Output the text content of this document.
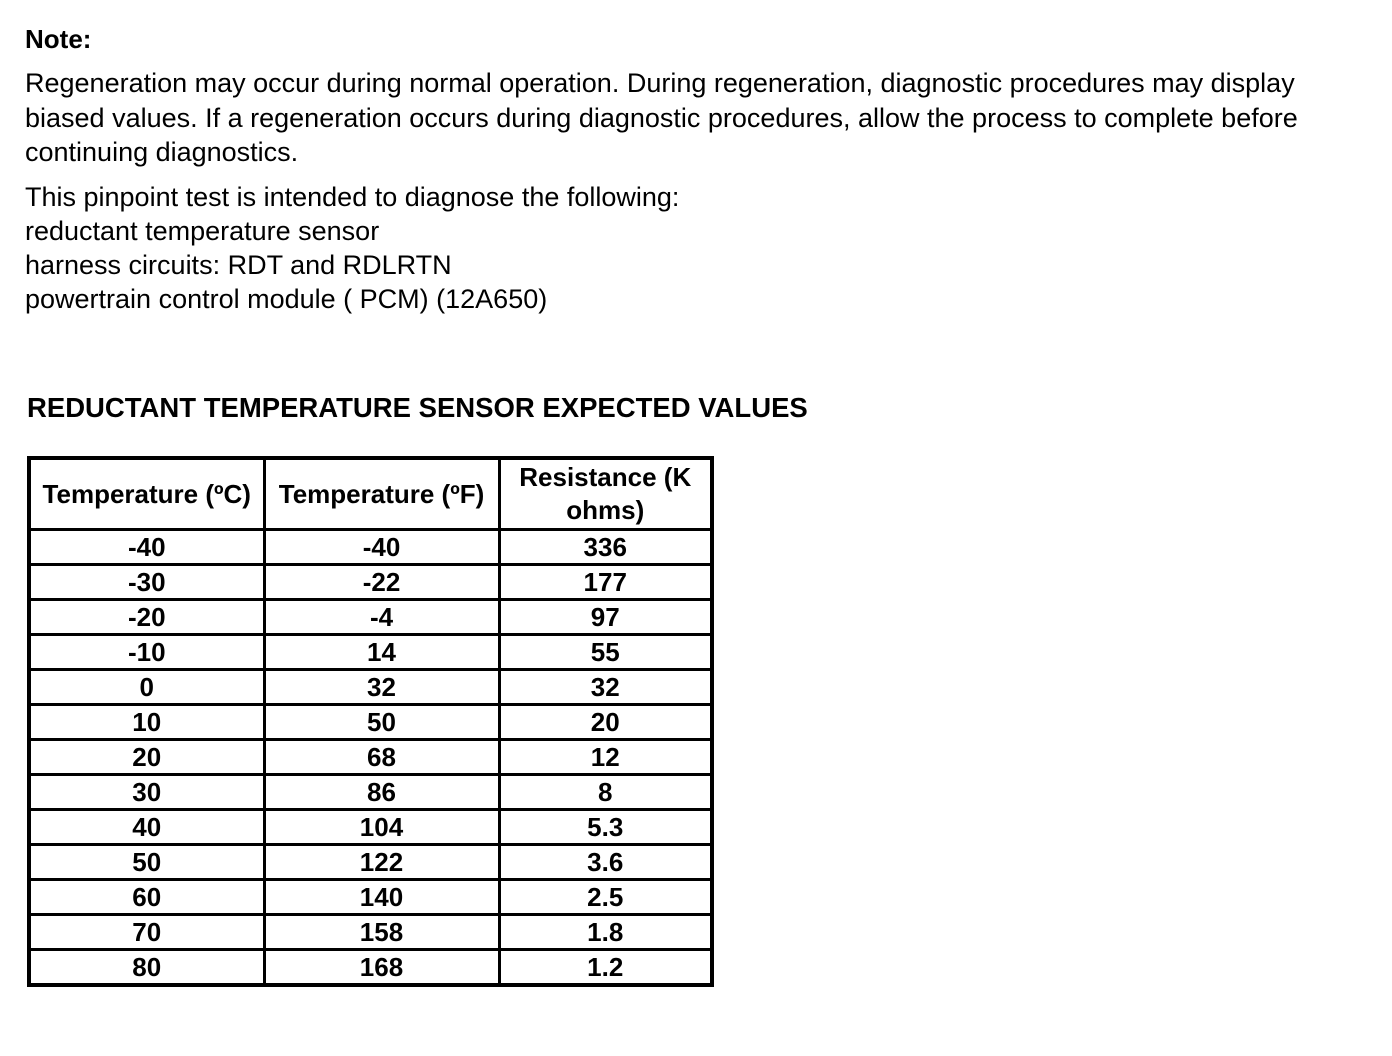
Note:
Regeneration may occur during normal operation. During regeneration, diagnostic procedures may display biased values. If a regeneration occurs during diagnostic procedures, allow the process to complete before continuing diagnostics.
This pinpoint test is intended to diagnose the following:
reductant temperature sensor
harness circuits: RDT and RDLRTN
powertrain control module ( PCM) (12A650)
REDUCTANT TEMPERATURE SENSOR EXPECTED VALUES
Temperature (ºC)	Temperature (ºF)	Resistance (K ohms)
-40	-40	336
-30	-22	177
-20	-4	97
-10	14	55
0	32	32
10	50	20
20	68	12
30	86	8
40	104	5.3
50	122	3.6
60	140	2.5
70	158	1.8
80	168	1.2
